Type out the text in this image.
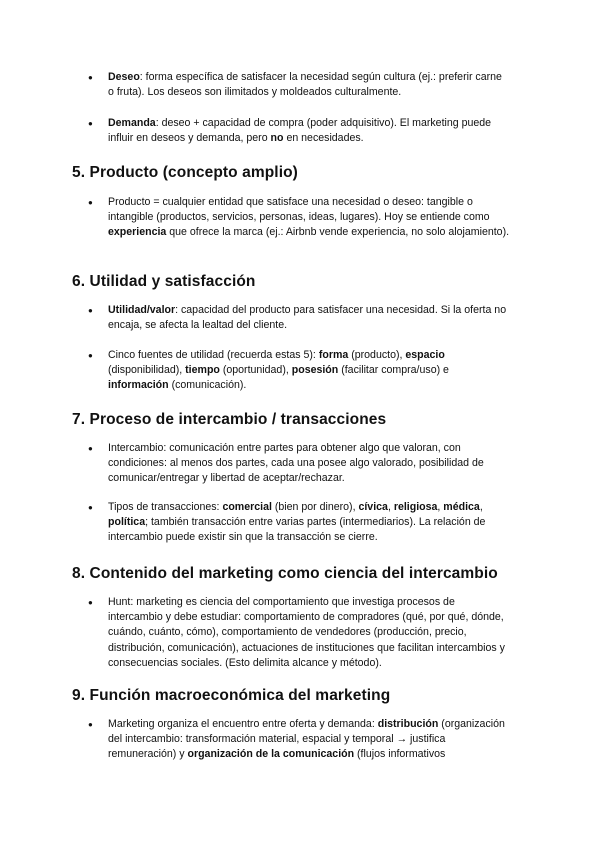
● Deseo: forma específica de satisfacer la necesidad según cultura (ej.: preferir carne o fruta). Los deseos son ilimitados y moldeados culturalmente.
● Demanda: deseo + capacidad de compra (poder adquisitivo). El marketing puede influir en deseos y demanda, pero no en necesidades.
5. Producto (concepto amplio)
● Producto = cualquier entidad que satisface una necesidad o deseo: tangible o intangible (productos, servicios, personas, ideas, lugares). Hoy se entiende como experiencia que ofrece la marca (ej.: Airbnb vende experiencia, no solo alojamiento).
6. Utilidad y satisfacción
● Utilidad/valor: capacidad del producto para satisfacer una necesidad. Si la oferta no encaja, se afecta la lealtad del cliente.
● Cinco fuentes de utilidad (recuerda estas 5): forma (producto), espacio (disponibilidad), tiempo (oportunidad), posesión (facilitar compra/uso) e información (comunicación).
7. Proceso de intercambio / transacciones
● Intercambio: comunicación entre partes para obtener algo que valoran, con condiciones: al menos dos partes, cada una posee algo valorado, posibilidad de comunicar/entregar y libertad de aceptar/rechazar.
● Tipos de transacciones: comercial (bien por dinero), cívica, religiosa, médica, política; también transacción entre varias partes (intermediarios). La relación de intercambio puede existir sin que la transacción se cierre.
8. Contenido del marketing como ciencia del intercambio
● Hunt: marketing es ciencia del comportamiento que investiga procesos de intercambio y debe estudiar: comportamiento de compradores (qué, por qué, dónde, cuándo, cuánto, cómo), comportamiento de vendedores (producción, precio, distribución, comunicación), actuaciones de instituciones que facilitan intercambios y consecuencias sociales. (Esto delimita alcance y método).
9. Función macroeconómica del marketing
● Marketing organiza el encuentro entre oferta y demanda: distribución (organización del intercambio: transformación material, espacial y temporal → justifica remuneración) y organización de la comunicación (flujos informativos
